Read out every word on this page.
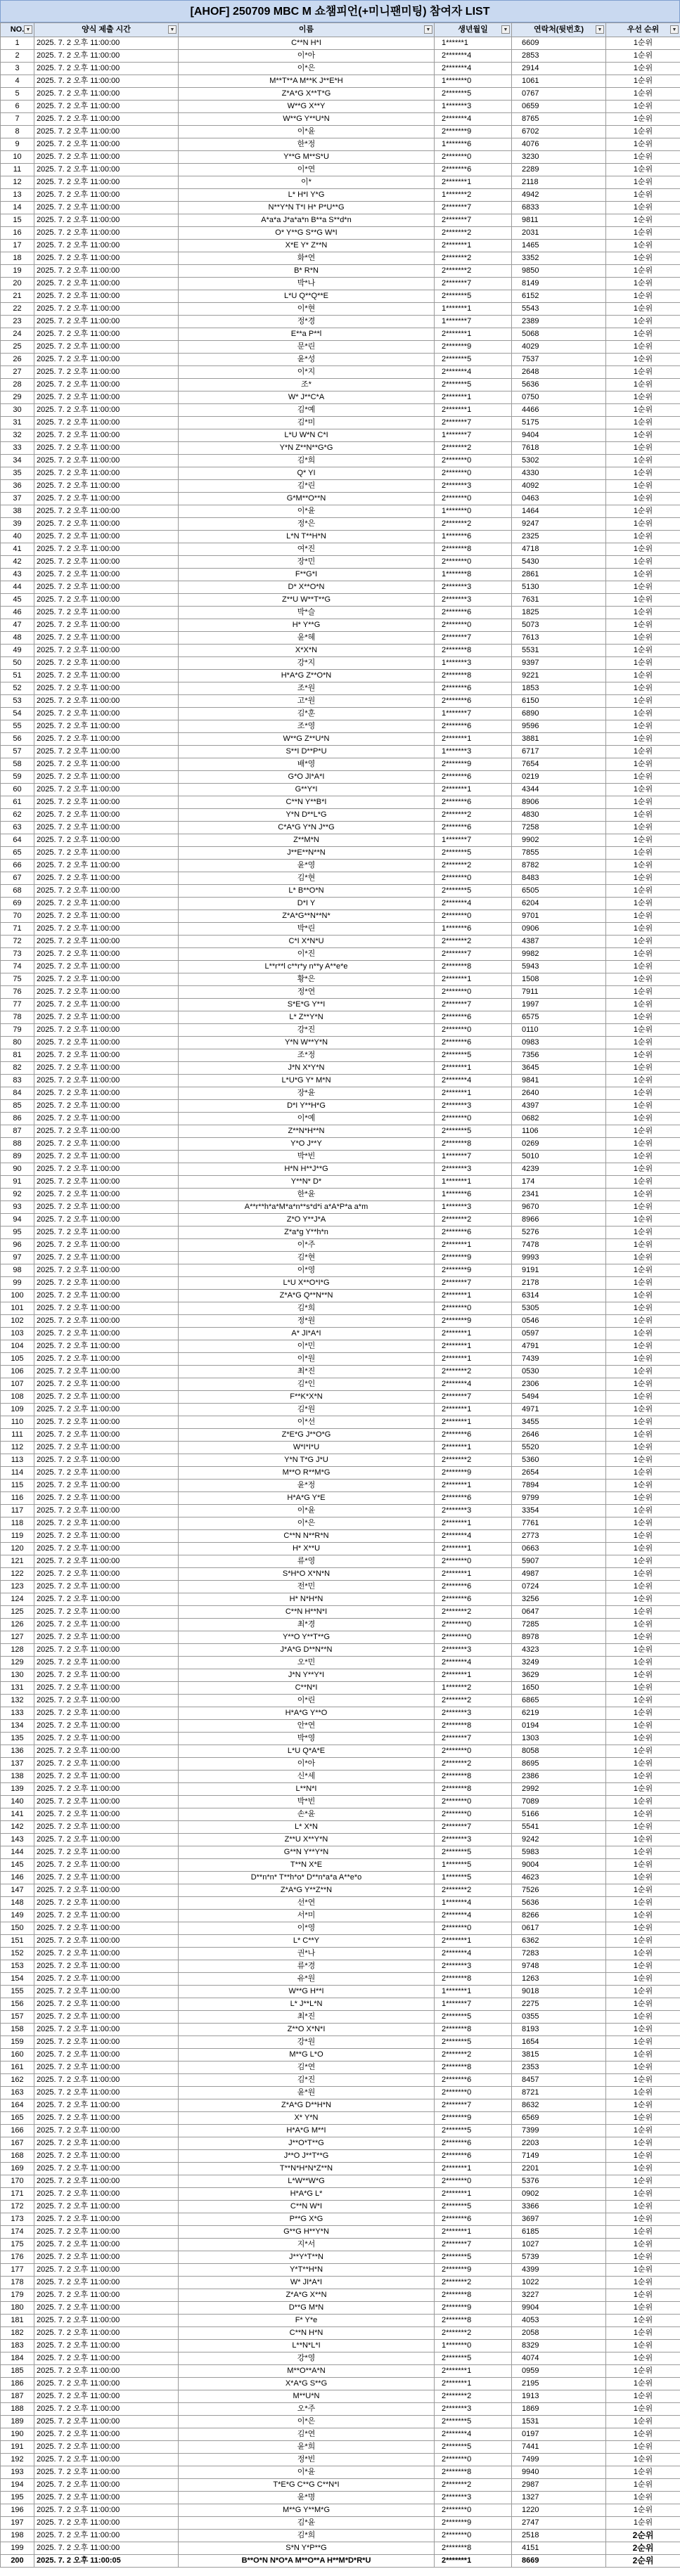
[AHOF] 250709 MBC M 쇼챔피언(+미니팬미팅) 참여자 LIST
NO. ▼	양식 제출 시간 ▼	이름 ▼	생년월일 ▼	연락처(뒷번호) ▼	우선 순위 ▼

1	2025. 7. 2 오후 11:00:00	C**N H*I	1******1	6609	1순위
2	2025. 7. 2 오후 11:00:00	이*아	2*******4	2853	1순위
3	2025. 7. 2 오후 11:00:00	이*은	2*******4	2914	1순위
4	2025. 7. 2 오후 11:00:00	M**T**A M**K J**E*H	1*******0	1061	1순위
5	2025. 7. 2 오후 11:00:00	Z*A*G X**T*G	2*******5	0767	1순위
6	2025. 7. 2 오후 11:00:00	W**G X**Y	1*******3	0659	1순위
7	2025. 7. 2 오후 11:00:00	W**G Y**U*N	2*******4	8765	1순위
8	2025. 7. 2 오후 11:00:00	이*윤	2*******9	6702	1순위
9	2025. 7. 2 오후 11:00:00	한*정	1*******6	4076	1순위
10	2025. 7. 2 오후 11:00:00	Y**G M**S*U	2*******0	3230	1순위
11	2025. 7. 2 오후 11:00:00	이*연	2*******6	2289	1순위
12	2025. 7. 2 오후 11:00:00	이*	2*******1	2118	1순위
13	2025. 7. 2 오후 11:00:00	L* H*I Y*G	1*******2	4942	1순위
14	2025. 7. 2 오후 11:00:00	N**Y*N T*I H* P*U**G	2*******7	6833	1순위
15	2025. 7. 2 오후 11:00:00	A*a*a J*a*a*n B**a S**d*n	2*******7	9811	1순위
16	2025. 7. 2 오후 11:00:00	O* Y**G S**G W*I	2*******2	2031	1순위
17	2025. 7. 2 오후 11:00:00	X*E Y* Z**N	2*******1	1465	1순위
18	2025. 7. 2 오후 11:00:00	화*연	2*******2	3352	1순위
19	2025. 7. 2 오후 11:00:00	B* R*N	2*******2	9850	1순위
20	2025. 7. 2 오후 11:00:00	박*나	2*******7	8149	1순위
21	2025. 7. 2 오후 11:00:00	L*U Q**Q**E	2*******5	6152	1순위
22	2025. 7. 2 오후 11:00:00	이*현	1*******1	5543	1순위
23	2025. 7. 2 오후 11:00:00	정*경	1*******7	2389	1순위
24	2025. 7. 2 오후 11:00:00	E**a P**l	2*******1	5068	1순위
25	2025. 7. 2 오후 11:00:00	문*린	2*******9	4029	1순위
26	2025. 7. 2 오후 11:00:00	윤*성	2*******5	7537	1순위
27	2025. 7. 2 오후 11:00:00	이*지	2*******4	2648	1순위
28	2025. 7. 2 오후 11:00:00	조*	2*******5	5636	1순위
29	2025. 7. 2 오후 11:00:00	W* J**C*A	2*******1	0750	1순위
30	2025. 7. 2 오후 11:00:00	김*예	2*******1	4466	1순위
31	2025. 7. 2 오후 11:00:00	김*미	2*******7	5175	1순위
32	2025. 7. 2 오후 11:00:00	L*U W*N C*I	1*******7	9404	1순위
33	2025. 7. 2 오후 11:00:00	Y*N Z**N**G*G	2*******2	7618	1순위
34	2025. 7. 2 오후 11:00:00	김*희	2*******0	5302	1순위
35	2025. 7. 2 오후 11:00:00	Q* YI	2*******0	4330	1순위
36	2025. 7. 2 오후 11:00:00	김*린	2*******3	4092	1순위
37	2025. 7. 2 오후 11:00:00	G*M**O**N	2*******0	0463	1순위
38	2025. 7. 2 오후 11:00:00	이*윤	1*******0	1464	1순위
39	2025. 7. 2 오후 11:00:00	정*은	2*******2	9247	1순위
40	2025. 7. 2 오후 11:00:00	L*N T**H*N	1*******6	2325	1순위
41	2025. 7. 2 오후 11:00:00	여*진	2*******8	4718	1순위
42	2025. 7. 2 오후 11:00:00	장*민	2*******0	5430	1순위
43	2025. 7. 2 오후 11:00:00	F**G*I	1*******8	2861	1순위
44	2025. 7. 2 오후 11:00:00	D* X**O*N	2*******3	5130	1순위
45	2025. 7. 2 오후 11:00:00	Z**U W**T**G	2*******3	7631	1순위
46	2025. 7. 2 오후 11:00:00	박*슬	2*******6	1825	1순위
47	2025. 7. 2 오후 11:00:00	H* Y**G	2*******0	5073	1순위
48	2025. 7. 2 오후 11:00:00	윤*혜	2*******7	7613	1순위
49	2025. 7. 2 오후 11:00:00	X*X*N	2*******8	5531	1순위
50	2025. 7. 2 오후 11:00:00	강*지	1*******3	9397	1순위
51	2025. 7. 2 오후 11:00:00	H*A*G Z**O*N	2*******8	9221	1순위
52	2025. 7. 2 오후 11:00:00	조*원	2*******6	1853	1순위
53	2025. 7. 2 오후 11:00:00	고*원	2*******6	6150	1순위
54	2025. 7. 2 오후 11:00:00	김*훈	1*******7	6890	1순위
55	2025. 7. 2 오후 11:00:00	조*영	2*******6	9596	1순위
56	2025. 7. 2 오후 11:00:00	W**G Z**U*N	2*******1	3881	1순위
57	2025. 7. 2 오후 11:00:00	S**I D**P*U	1*******3	6717	1순위
58	2025. 7. 2 오후 11:00:00	배*영	2*******9	7654	1순위
59	2025. 7. 2 오후 11:00:00	G*O JI*A*I	2*******6	0219	1순위
60	2025. 7. 2 오후 11:00:00	G**Y*I	2*******1	4344	1순위
61	2025. 7. 2 오후 11:00:00	C**N Y**B*I	2*******6	8906	1순위
62	2025. 7. 2 오후 11:00:00	Y*N D**L*G	2*******2	4830	1순위
63	2025. 7. 2 오후 11:00:00	C*A*G Y*N J**G	2*******6	7258	1순위
64	2025. 7. 2 오후 11:00:00	Z**M*N	1*******7	9902	1순위
65	2025. 7. 2 오후 11:00:00	J**E**N**N	2*******5	7855	1순위
66	2025. 7. 2 오후 11:00:00	윤*영	2*******2	8782	1순위
67	2025. 7. 2 오후 11:00:00	김*현	2*******0	8483	1순위
68	2025. 7. 2 오후 11:00:00	L* B**O*N	2*******5	6505	1순위
69	2025. 7. 2 오후 11:00:00	D*I Y	2*******4	6204	1순위
70	2025. 7. 2 오후 11:00:00	Z*A*G**N**N*	2*******0	9701	1순위
71	2025. 7. 2 오후 11:00:00	박*린	1*******6	0906	1순위
72	2025. 7. 2 오후 11:00:00	C*I X*N*U	2*******2	4387	1순위
73	2025. 7. 2 오후 11:00:00	이*진	2*******7	9982	1순위
74	2025. 7. 2 오후 11:00:00	L**r**l c**r*y n**y A**e*e	2*******8	5943	1순위
75	2025. 7. 2 오후 11:00:00	황*은	2*******1	1508	1순위
76	2025. 7. 2 오후 11:00:00	정*연	2*******0	7911	1순위
77	2025. 7. 2 오후 11:00:00	S*E*G Y**I	2*******7	1997	1순위
78	2025. 7. 2 오후 11:00:00	L* Z**Y*N	2*******6	6575	1순위
79	2025. 7. 2 오후 11:00:00	강*진	2*******0	0110	1순위
80	2025. 7. 2 오후 11:00:00	Y*N W**Y*N	2*******6	0983	1순위
81	2025. 7. 2 오후 11:00:00	조*정	2*******5	7356	1순위
82	2025. 7. 2 오후 11:00:00	J*N X*Y*N	2*******1	3645	1순위
83	2025. 7. 2 오후 11:00:00	L*U*G Y* M*N	2*******4	9841	1순위
84	2025. 7. 2 오후 11:00:00	장*윤	2*******1	2640	1순위
85	2025. 7. 2 오후 11:00:00	D*I Y**H*G	2*******3	4397	1순위
86	2025. 7. 2 오후 11:00:00	이*예	2*******0	0682	1순위
87	2025. 7. 2 오후 11:00:00	Z**N*H**N	2*******5	1106	1순위
88	2025. 7. 2 오후 11:00:00	Y*O J**Y	2*******8	0269	1순위
89	2025. 7. 2 오후 11:00:00	박*빈	1*******7	5010	1순위
90	2025. 7. 2 오후 11:00:00	H*N H**J**G	2*******3	4239	1순위
91	2025. 7. 2 오후 11:00:00	Y**N* D*	1*******1	174	1순위
92	2025. 7. 2 오후 11:00:00	한*윤	1*******6	2341	1순위
93	2025. 7. 2 오후 11:00:00	A**r**h*a*M*a*n**s*d*i a*A*P*a a*m	1*******3	9670	1순위
94	2025. 7. 2 오후 11:00:00	Z*O Y**J*A	2*******2	8966	1순위
95	2025. 7. 2 오후 11:00:00	Z*a*g Y**h*n	2*******6	5276	1순위
96	2025. 7. 2 오후 11:00:00	이*주	2*******1	7478	1순위
97	2025. 7. 2 오후 11:00:00	김*현	2*******9	9993	1순위
98	2025. 7. 2 오후 11:00:00	이*영	2*******9	9191	1순위
99	2025. 7. 2 오후 11:00:00	L*U X**O*I*G	2*******7	2178	1순위
100	2025. 7. 2 오후 11:00:00	Z*A*G Q**N**N	2*******1	6314	1순위
101	2025. 7. 2 오후 11:00:00	김*희	2*******0	5305	1순위
102	2025. 7. 2 오후 11:00:00	정*원	2*******9	0546	1순위
103	2025. 7. 2 오후 11:00:00	A* JI*A*I	2*******1	0597	1순위
104	2025. 7. 2 오후 11:00:00	이*민	2*******1	4791	1순위
105	2025. 7. 2 오후 11:00:00	이*원	2*******1	7439	1순위
106	2025. 7. 2 오후 11:00:00	최*진	2*******2	0530	1순위
107	2025. 7. 2 오후 11:00:00	김*인	2*******4	2306	1순위
108	2025. 7. 2 오후 11:00:00	F**K*X*N	2*******7	5494	1순위
109	2025. 7. 2 오후 11:00:00	김*원	2*******1	4971	1순위
110	2025. 7. 2 오후 11:00:00	이*선	2*******1	3455	1순위
111	2025. 7. 2 오후 11:00:00	Z*E*G J**O*G	2*******6	2646	1순위
112	2025. 7. 2 오후 11:00:00	W*I*I*U	2*******1	5520	1순위
113	2025. 7. 2 오후 11:00:00	Y*N T*G J*U	2*******2	5360	1순위
114	2025. 7. 2 오후 11:00:00	M**O R**M*G	2*******9	2654	1순위
115	2025. 7. 2 오후 11:00:00	윤*정	2*******1	7894	1순위
116	2025. 7. 2 오후 11:00:00	H*A*G Y*E	2*******6	9799	1순위
117	2025. 7. 2 오후 11:00:00	이*윤	2*******3	3354	1순위
118	2025. 7. 2 오후 11:00:00	이*은	2*******1	7761	1순위
119	2025. 7. 2 오후 11:00:00	C**N N**R*N	2*******4	2773	1순위
120	2025. 7. 2 오후 11:00:00	H* X**U	2*******1	0663	1순위
121	2025. 7. 2 오후 11:00:00	류*영	2*******0	5907	1순위
122	2025. 7. 2 오후 11:00:00	S*H*O X*N*N	2*******1	4987	1순위
123	2025. 7. 2 오후 11:00:00	전*민	2*******6	0724	1순위
124	2025. 7. 2 오후 11:00:00	H* N*H*N	2*******6	3256	1순위
125	2025. 7. 2 오후 11:00:00	C**N H**N*I	2*******2	0647	1순위
126	2025. 7. 2 오후 11:00:00	최*경	2*******0	7285	1순위
127	2025. 7. 2 오후 11:00:00	Y**O Y**T**G	2*******0	8978	1순위
128	2025. 7. 2 오후 11:00:00	J*A*G D**N**N	2*******3	4323	1순위
129	2025. 7. 2 오후 11:00:00	오*민	2*******4	3249	1순위
130	2025. 7. 2 오후 11:00:00	J*N Y**Y*I	2*******1	3629	1순위
131	2025. 7. 2 오후 11:00:00	C**N*I	1*******2	1650	1순위
132	2025. 7. 2 오후 11:00:00	이*린	2*******2	6865	1순위
133	2025. 7. 2 오후 11:00:00	H*A*G Y**O	2*******3	6219	1순위
134	2025. 7. 2 오후 11:00:00	안*연	2*******8	0194	1순위
135	2025. 7. 2 오후 11:00:00	박*영	2*******7	1303	1순위
136	2025. 7. 2 오후 11:00:00	L*U Q*A*E	2*******0	8058	1순위
137	2025. 7. 2 오후 11:00:00	이*아	2*******2	8695	1순위
138	2025. 7. 2 오후 11:00:00	신*세	2*******8	2386	1순위
139	2025. 7. 2 오후 11:00:00	L**N*I	2*******8	2992	1순위
140	2025. 7. 2 오후 11:00:00	박*빈	2*******0	7089	1순위
141	2025. 7. 2 오후 11:00:00	손*윤	2*******0	5166	1순위
142	2025. 7. 2 오후 11:00:00	L* X*N	2*******7	5541	1순위
143	2025. 7. 2 오후 11:00:00	Z**U X**Y*N	2*******3	9242	1순위
144	2025. 7. 2 오후 11:00:00	G**N Y**Y*N	2*******5	5983	1순위
145	2025. 7. 2 오후 11:00:00	T**N X*E	1*******5	9004	1순위
146	2025. 7. 2 오후 11:00:00	D**n*n* T**h*o* D**n*a*a A**e*o	1*******5	4623	1순위
147	2025. 7. 2 오후 11:00:00	Z*A*G Y**Z**N	2*******2	7526	1순위
148	2025. 7. 2 오후 11:00:00	선*연	1*******4	5636	1순위
149	2025. 7. 2 오후 11:00:00	서*미	2*******4	8266	1순위
150	2025. 7. 2 오후 11:00:00	이*영	2*******0	0617	1순위
151	2025. 7. 2 오후 11:00:00	L* C**Y	2*******1	6362	1순위
152	2025. 7. 2 오후 11:00:00	권*나	2*******4	7283	1순위
153	2025. 7. 2 오후 11:00:00	류*경	2*******3	9748	1순위
154	2025. 7. 2 오후 11:00:00	유*원	2*******8	1263	1순위
155	2025. 7. 2 오후 11:00:00	W**G H**I	1*******1	9018	1순위
156	2025. 7. 2 오후 11:00:00	L* J**L*N	1*******7	2275	1순위
157	2025. 7. 2 오후 11:00:00	최*진	2*******5	0355	1순위
158	2025. 7. 2 오후 11:00:00	Z**O X*N*I	2*******8	8193	1순위
159	2025. 7. 2 오후 11:00:00	강*원	2*******5	1654	1순위
160	2025. 7. 2 오후 11:00:00	M**G L*O	2*******2	3815	1순위
161	2025. 7. 2 오후 11:00:00	김*연	2*******8	2353	1순위
162	2025. 7. 2 오후 11:00:00	김*진	2*******6	8457	1순위
163	2025. 7. 2 오후 11:00:00	윤*원	2*******0	8721	1순위
164	2025. 7. 2 오후 11:00:00	Z*A*G D**H*N	2*******7	8632	1순위
165	2025. 7. 2 오후 11:00:00	X* Y*N	2*******9	6569	1순위
166	2025. 7. 2 오후 11:00:00	H*A*G M**I	2*******5	7399	1순위
167	2025. 7. 2 오후 11:00:00	J**O*T**G	2*******6	2203	1순위
168	2025. 7. 2 오후 11:00:00	J**O J**T**G	2*******6	7149	1순위
169	2025. 7. 2 오후 11:00:00	T**N*H*N*Z**N	2*******1	2201	1순위
170	2025. 7. 2 오후 11:00:00	L*W**W*G	2*******0	5376	1순위
171	2025. 7. 2 오후 11:00:00	H*A*G L*	2*******1	0902	1순위
172	2025. 7. 2 오후 11:00:00	C**N W*I	2*******5	3366	1순위
173	2025. 7. 2 오후 11:00:00	P**G X*G	2*******6	3697	1순위
174	2025. 7. 2 오후 11:00:00	G**G H**Y*N	2*******1	6185	1순위
175	2025. 7. 2 오후 11:00:00	지*서	2*******7	1027	1순위
176	2025. 7. 2 오후 11:00:00	J**Y*T**N	2*******5	5739	1순위
177	2025. 7. 2 오후 11:00:00	Y*T**H*N	2*******9	4399	1순위
178	2025. 7. 2 오후 11:00:00	W* JI*A*I	2*******2	1022	1순위
179	2025. 7. 2 오후 11:00:00	Z*A*G X**N	2*******8	3227	1순위
180	2025. 7. 2 오후 11:00:00	D**G M*N	2*******9	9904	1순위
181	2025. 7. 2 오후 11:00:00	F* Y*e	2*******8	4053	1순위
182	2025. 7. 2 오후 11:00:00	C**N H*N	2*******2	2058	1순위
183	2025. 7. 2 오후 11:00:00	L**N*L*I	1*******0	8329	1순위
184	2025. 7. 2 오후 11:00:00	강*영	2*******5	4074	1순위
185	2025. 7. 2 오후 11:00:00	M**O**A*N	2*******1	0959	1순위
186	2025. 7. 2 오후 11:00:00	X*A*G S**G	2*******1	2195	1순위
187	2025. 7. 2 오후 11:00:00	M**U*N	2*******2	1913	1순위
188	2025. 7. 2 오후 11:00:00	오*주	2*******3	1869	1순위
189	2025. 7. 2 오후 11:00:00	이*은	2*******5	1531	1순위
190	2025. 7. 2 오후 11:00:00	김*연	2*******4	0197	1순위
191	2025. 7. 2 오후 11:00:00	윤*희	2*******5	7441	1순위
192	2025. 7. 2 오후 11:00:00	정*빈	2*******0	7499	1순위
193	2025. 7. 2 오후 11:00:00	이*윤	2*******8	9940	1순위
194	2025. 7. 2 오후 11:00:00	T*E*G C**G C**N*I	2*******2	2987	1순위
195	2025. 7. 2 오후 11:00:00	윤*명	2*******3	1327	1순위
196	2025. 7. 2 오후 11:00:00	M**G Y**M*G	2*******0	1220	1순위
197	2025. 7. 2 오후 11:00:00	김*윤	2*******9	2747	1순위
198	2025. 7. 2 오후 11:00:00	김*희	2*******0	2518	2순위
199	2025. 7. 2 오후 11:00:00	S*N Y*P**G	2*******8	4151	2순위
200	2025. 7. 2 오후 11:00:05	B**O*N N*O*A M**O**A H**M*D*R*U	2*******1	8669	2순위
